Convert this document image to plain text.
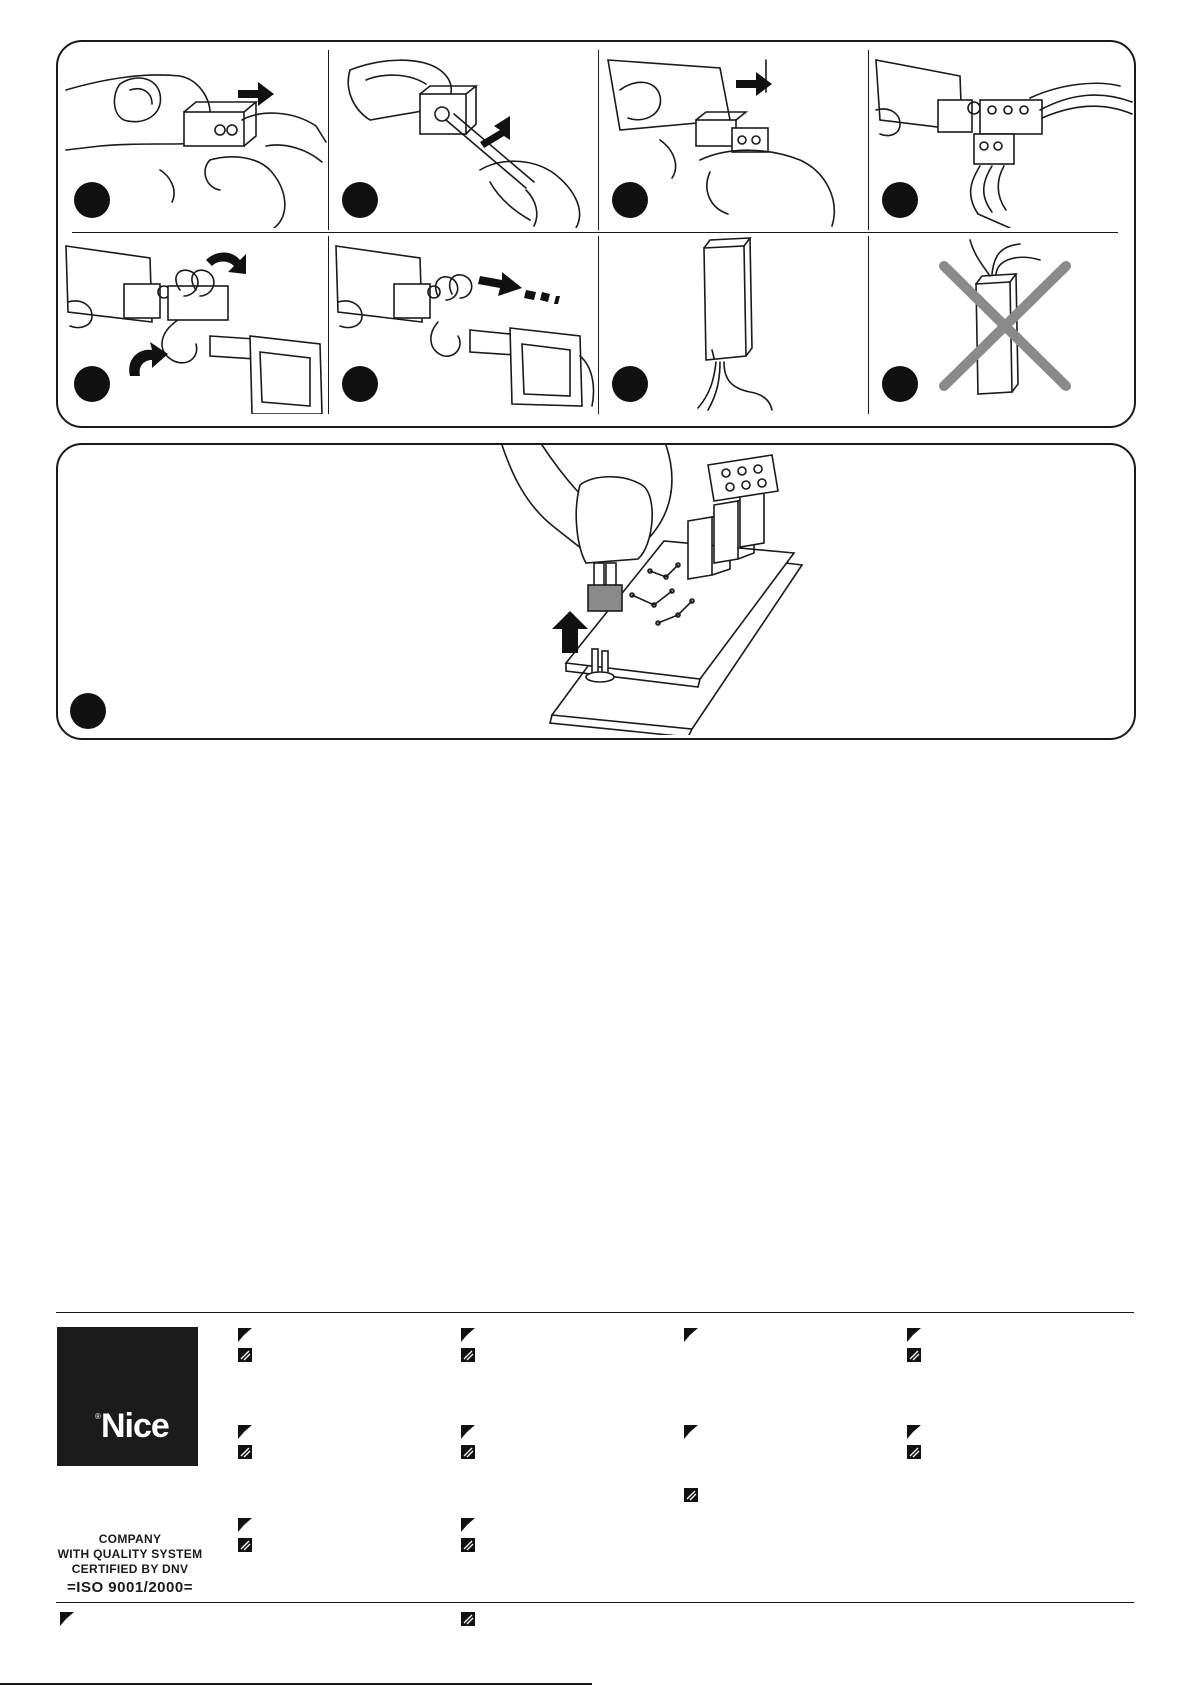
® Nice
COMPANY
WITH QUALITY SYSTEM
CERTIFIED BY DNV
=ISO 9001/2000=
